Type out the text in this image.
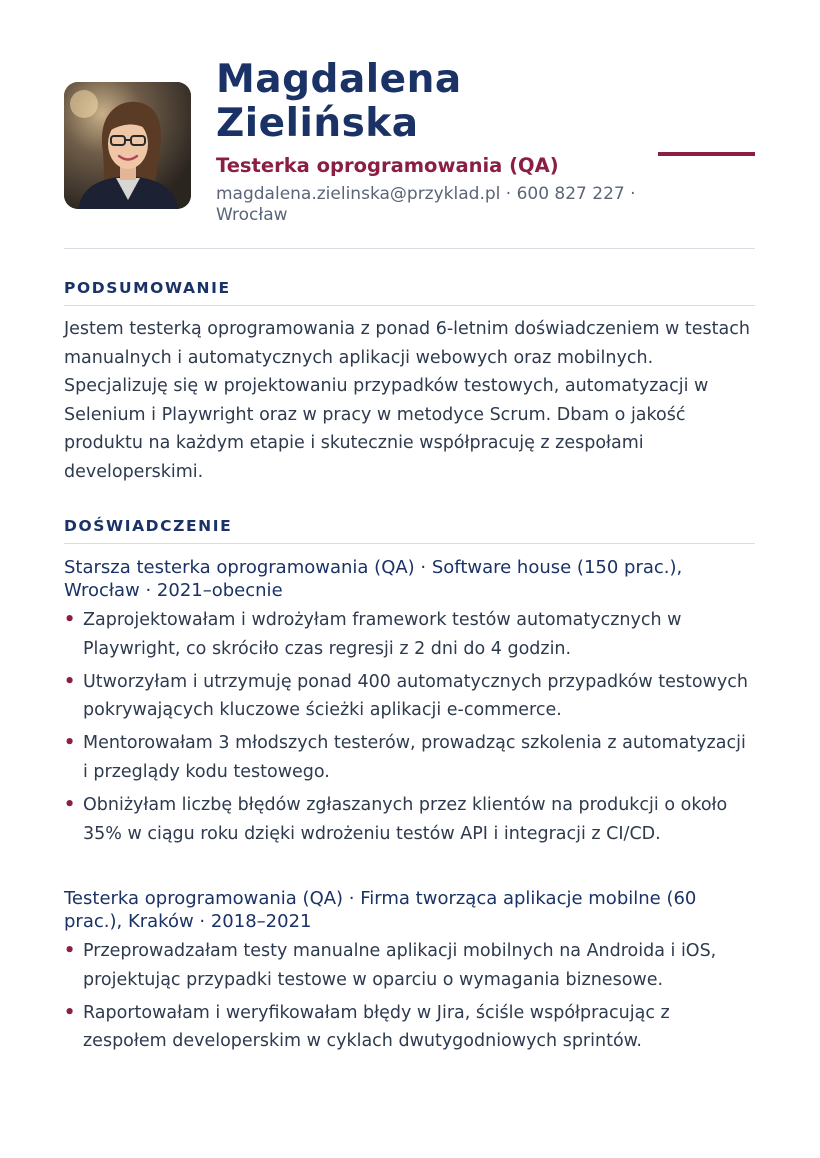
Magdalena
Zielińska
Testerka oprogramowania (QA)
magdalena.zielinska@przyklad.pl · 600 827 227 · Wrocław
PODSUMOWANIE

Jestem testerką oprogramowania z ponad 6-letnim doświadczeniem w testach manualnych i automatycznych aplikacji webowych oraz mobilnych. Specjalizuję się w projektowaniu przypadków testowych, automatyzacji w Selenium i Playwright oraz w pracy w metodyce Scrum. Dbam o jakość produktu na każdym etapie i skutecznie współpracuję z zespołami developerskimi.

DOŚWIADCZENIE
Starsza testerka oprogramowania (QA) · Software house (150 prac.), Wrocław · 2021–obecnie
• Zaprojektowałam i wdrożyłam framework testów automatycznych w Playwright, co skróciło czas regresji z 2 dni do 4 godzin.
• Utworzyłam i utrzymuję ponad 400 automatycznych przypadków testowych pokrywających kluczowe ścieżki aplikacji e-commerce.
• Mentorowałam 3 młodszych testerów, prowadząc szkolenia z automatyzacji i przeglądy kodu testowego.
• Obniżyłam liczbę błędów zgłaszanych przez klientów na produkcji o około 35% w ciągu roku dzięki wdrożeniu testów API i integracji z CI/CD.
Testerka oprogramowania (QA) · Firma tworząca aplikacje mobilne (60 prac.), Kraków · 2018–2021
• Przeprowadzałam testy manualne aplikacji mobilnych na Androida i iOS, projektując przypadki testowe w oparciu o wymagania biznesowe.
• Raportowałam i weryfikowałam błędy w Jira, ściśle współpracując z zespołem developerskim w cyklach dwutygodniowych sprintów.
